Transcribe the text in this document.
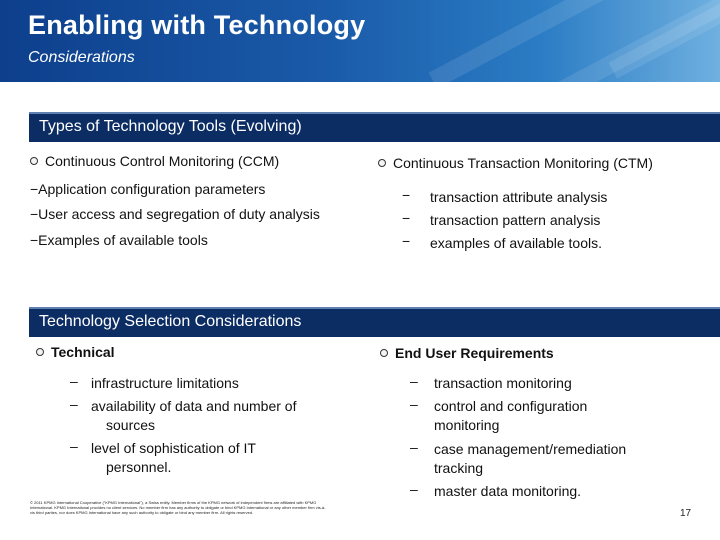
Enabling with Technology
Considerations
Types of Technology Tools (Evolving)
Continuous Control Monitoring (CCM)
−Application configuration parameters
−User access and segregation of duty analysis
−Examples of available tools
Continuous Transaction Monitoring (CTM)
− transaction attribute analysis
− transaction pattern analysis
− examples of available tools.
Technology Selection Considerations
Technical
– infrastructure limitations
– availability of data and number of
sources
– level of sophistication of IT
personnel.
End User Requirements
– transaction monitoring
– control and configuration
monitoring
– case management/remediation
tracking
– master data monitoring.
© 2011 KPMG International Cooperative ("KPMG International"), a Swiss entity. Member firms of the KPMG network of independent firms are affiliated with KPMG International. KPMG International provides no client services. No member firm has any authority to obligate or bind KPMG International or any other member firm vis-à-vis third parties, nor does KPMG International have any such authority to obligate or bind any member firm. All rights reserved.	17
